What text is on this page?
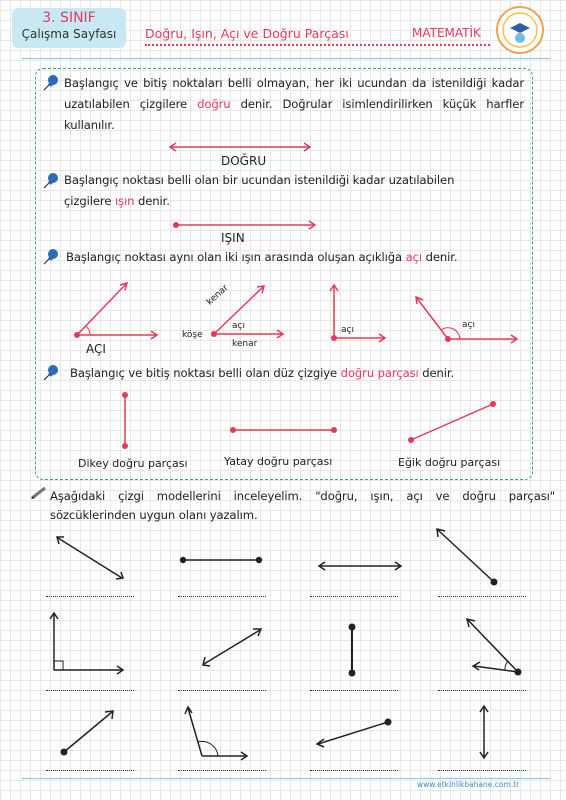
3. SINIF
Çalışma Sayfası	Doğru, Işın, Açı ve Doğru Parçası	MATEMATİK
Başlangıç ve bitiş noktaları belli olmayan, her iki ucundan da istenildiği kadar uzatılabilen çizgilere doğru denir. Doğrular isimlendirilirken küçük harfler kullanılır.
DOĞRU
Başlangıç noktası belli olan bir ucundan istenildiği kadar uzatılabilen çizgilere ışın denir.
IŞIN
Başlangıç noktası aynı olan iki ışın arasında oluşan açıklığa açı denir.
AÇI
kenar
açı
köşe
kenar
açı	açı
Başlangıç ve bitiş noktası belli olan düz çizgiye doğru parçası denir.
Dikey doğru parçası	Yatay doğru parçası	Eğik doğru parçası
Aşağıdaki çizgi modellerini inceleyelim. "doğru, ışın, açı ve doğru parçası" sözcüklerinden uygun olanı yazalım.
www.etkinlikbahane.com.tr
